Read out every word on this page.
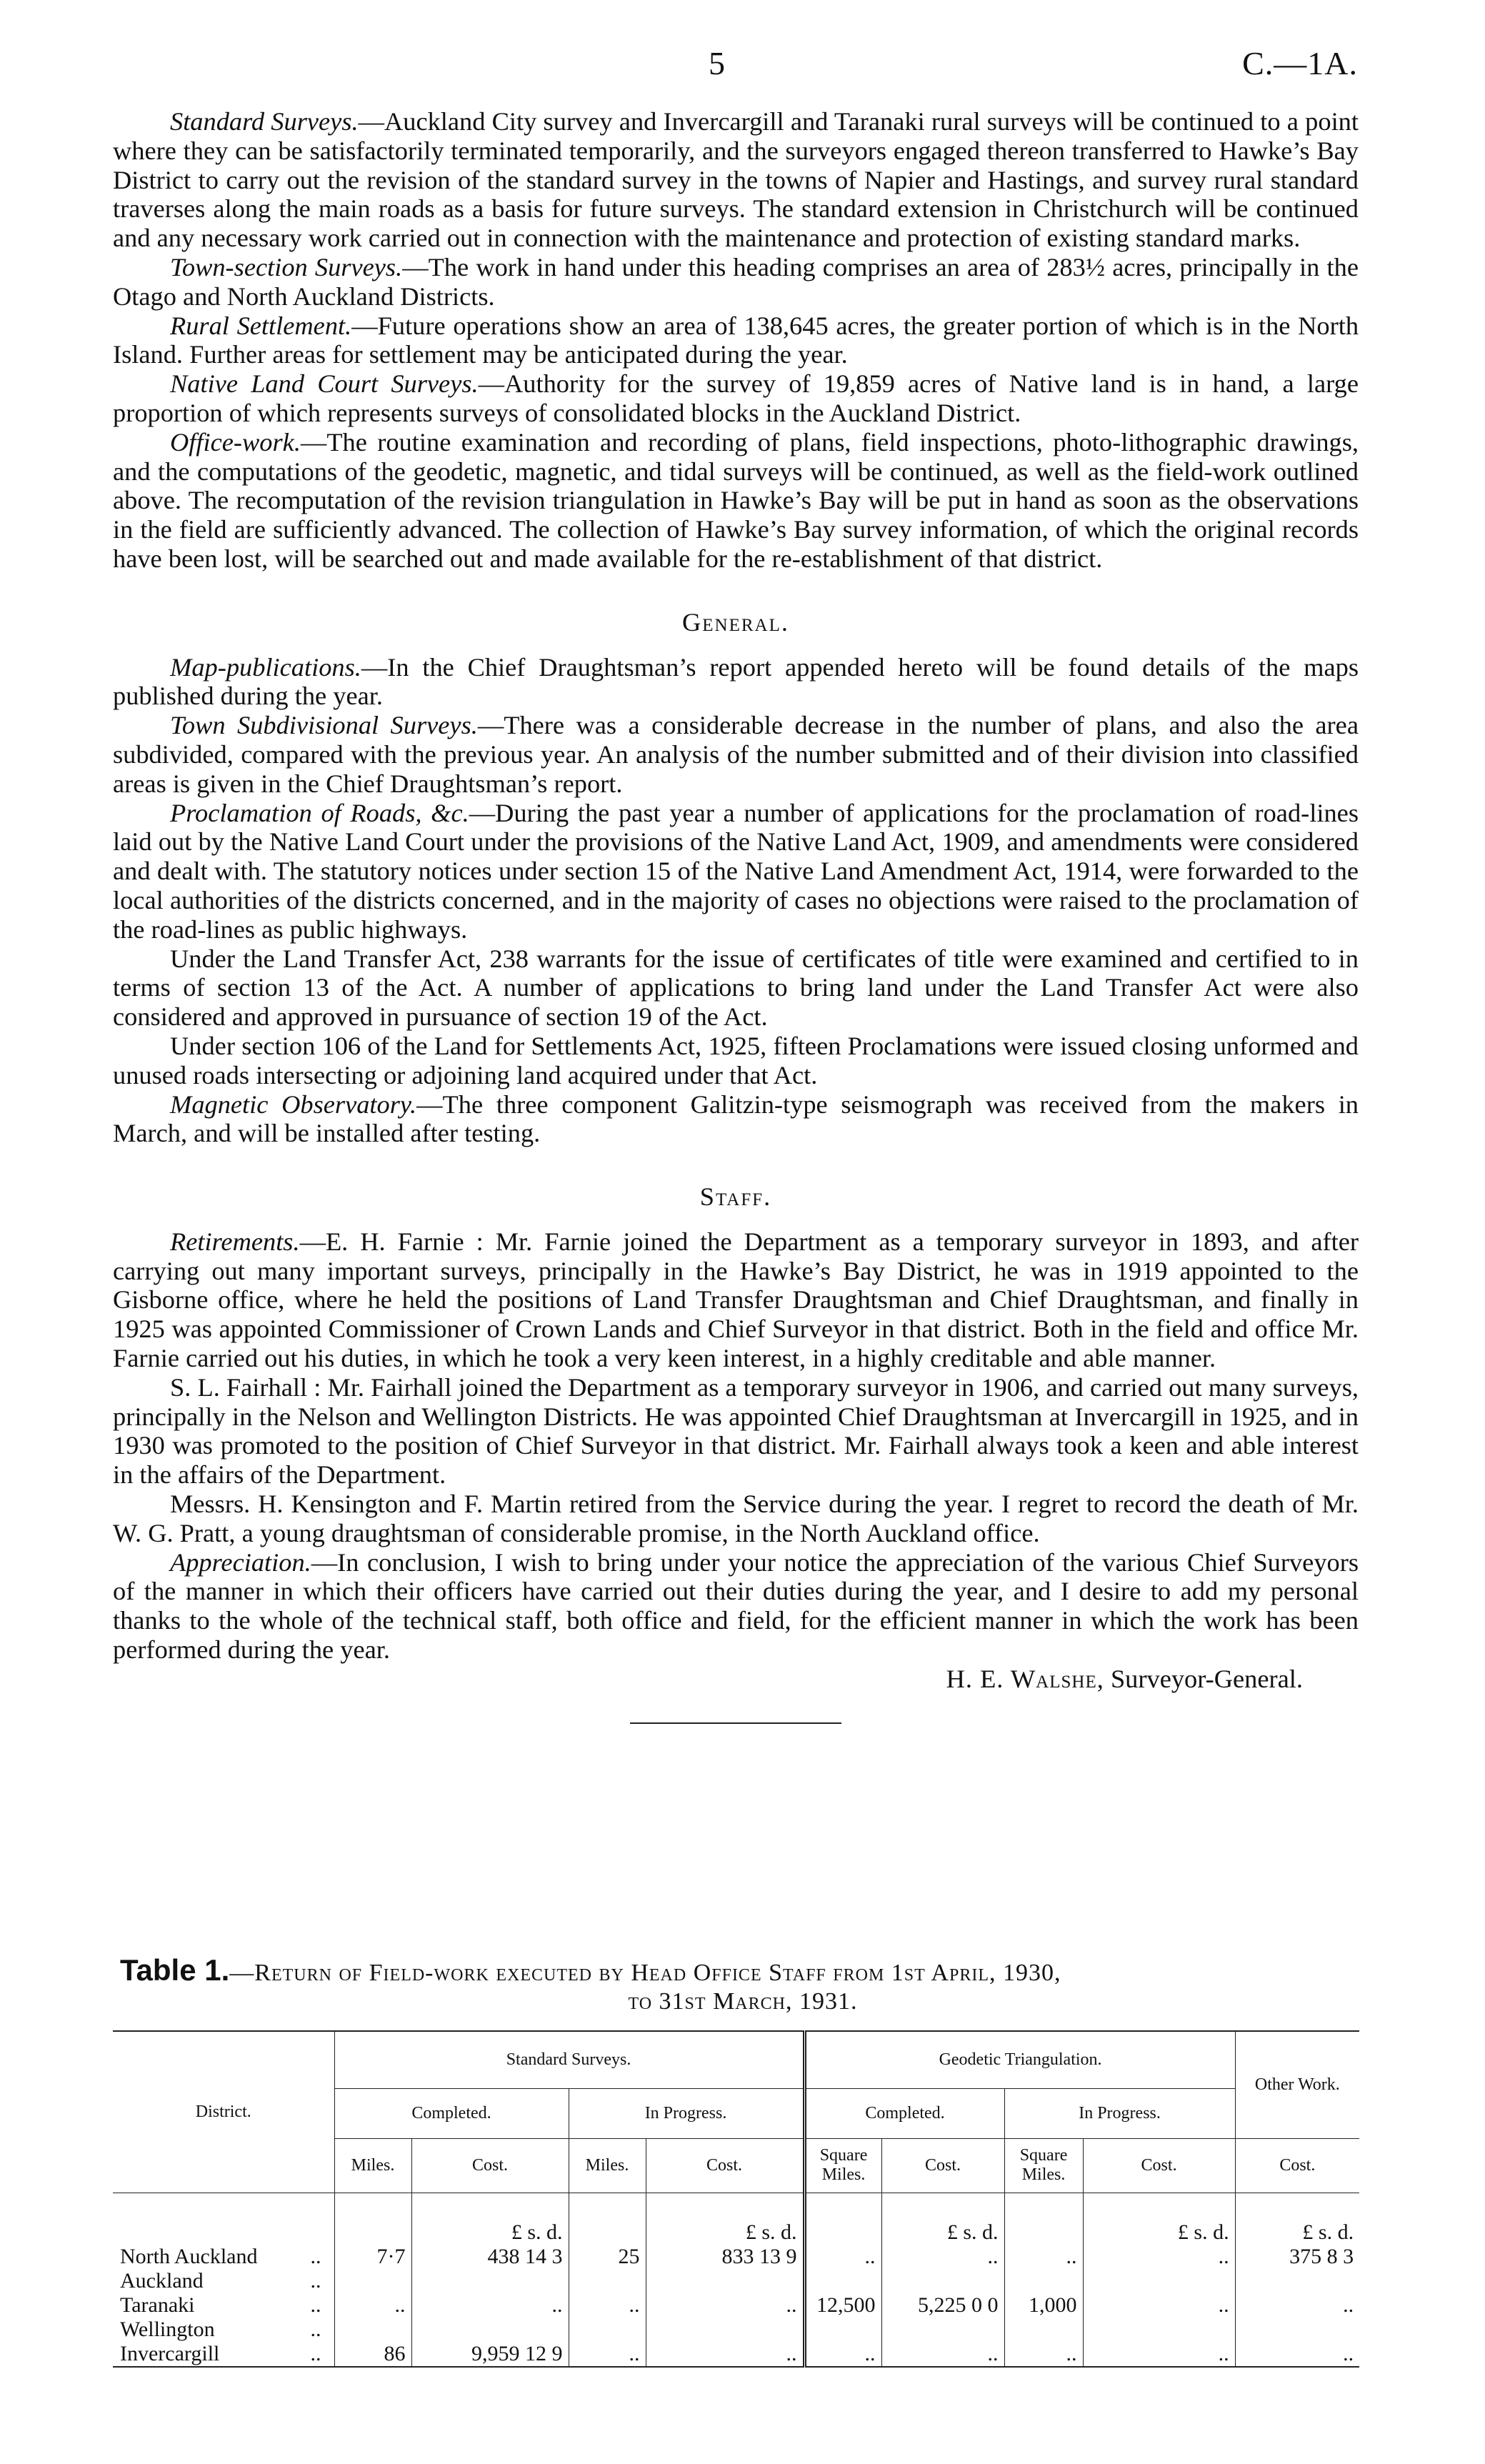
5	C.—1A.

Standard Surveys.—Auckland City survey and Invercargill and Taranaki rural surveys will be continued to a point where they can be satisfactorily terminated temporarily, and the surveyors engaged thereon transferred to Hawke’s Bay District to carry out the revision of the standard survey in the towns of Napier and Hastings, and survey rural standard traverses along the main roads as a basis for future surveys. The standard extension in Christchurch will be continued and any necessary work carried out in connection with the maintenance and protection of existing standard marks.

Town-section Surveys.—The work in hand under this heading comprises an area of 283½ acres, principally in the Otago and North Auckland Districts.

Rural Settlement.—Future operations show an area of 138,645 acres, the greater portion of which is in the North Island. Further areas for settlement may be anticipated during the year.

Native Land Court Surveys.—Authority for the survey of 19,859 acres of Native land is in hand, a large proportion of which represents surveys of consolidated blocks in the Auckland District.

Office-work.—The routine examination and recording of plans, field inspections, photo-lithographic drawings, and the computations of the geodetic, magnetic, and tidal surveys will be continued, as well as the field-work outlined above. The recomputation of the revision triangulation in Hawke’s Bay will be put in hand as soon as the observations in the field are sufficiently advanced. The collection of Hawke’s Bay survey information, of which the original records have been lost, will be searched out and made available for the re-establishment of that district.

General.

Map-publications.—In the Chief Draughtsman’s report appended hereto will be found details of the maps published during the year.

Town Subdivisional Surveys.—There was a considerable decrease in the number of plans, and also the area subdivided, compared with the previous year. An analysis of the number submitted and of their division into classified areas is given in the Chief Draughtsman’s report.

Proclamation of Roads, &c.—During the past year a number of applications for the proclamation of road-lines laid out by the Native Land Court under the provisions of the Native Land Act, 1909, and amendments were considered and dealt with. The statutory notices under section 15 of the Native Land Amendment Act, 1914, were forwarded to the local authorities of the districts concerned, and in the majority of cases no objections were raised to the proclamation of the road-lines as public highways.

Under the Land Transfer Act, 238 warrants for the issue of certificates of title were examined and certified to in terms of section 13 of the Act. A number of applications to bring land under the Land Transfer Act were also considered and approved in pursuance of section 19 of the Act.

Under section 106 of the Land for Settlements Act, 1925, fifteen Proclamations were issued closing unformed and unused roads intersecting or adjoining land acquired under that Act.

Magnetic Observatory.—The three component Galitzin-type seismograph was received from the makers in March, and will be installed after testing.

Staff.

Retirements.—E. H. Farnie : Mr. Farnie joined the Department as a temporary surveyor in 1893, and after carrying out many important surveys, principally in the Hawke’s Bay District, he was in 1919 appointed to the Gisborne office, where he held the positions of Land Transfer Draughtsman and Chief Draughtsman, and finally in 1925 was appointed Commissioner of Crown Lands and Chief Surveyor in that district. Both in the field and office Mr. Farnie carried out his duties, in which he took a very keen interest, in a highly creditable and able manner.

S. L. Fairhall : Mr. Fairhall joined the Department as a temporary surveyor in 1906, and carried out many surveys, principally in the Nelson and Wellington Districts. He was appointed Chief Draughtsman at Invercargill in 1925, and in 1930 was promoted to the position of Chief Surveyor in that district. Mr. Fairhall always took a keen and able interest in the affairs of the Department.

Messrs. H. Kensington and F. Martin retired from the Service during the year. I regret to record the death of Mr. W. G. Pratt, a young draughtsman of considerable promise, in the North Auckland office.

Appreciation.—In conclusion, I wish to bring under your notice the appreciation of the various Chief Surveyors of the manner in which their officers have carried out their duties during the year, and I desire to add my personal thanks to the whole of the technical staff, both office and field, for the efficient manner in which the work has been performed during the year.

H. E. Walshe, Surveyor-General.

Table 1.—Return of Field-work executed by Head Office Staff from 1st April, 1930,
to 31st March, 1931.
District.	Standard Surveys.				Geodetic Triangulation.				Other Work.
	Completed.		In Progress.		Completed.		In Progress.		
	Miles.	Cost.	Miles.	Cost.	Square Miles.	Cost.	Square Miles.	Cost.	Cost.
		£ s. d.		£ s. d.		£ s. d.		£ s. d.	£ s. d.
North Auckland ..	7·7	438 14 3	25	833 13 9	..	..	..	..	375 8 3
Auckland ..									

Taranaki ..	..	..	..	..	12,500	5,225 0 0	1,000	..	..
Wellington ..									

Invercargill ..	86	9,959 12 9	..	..	..	..	..	..	..
